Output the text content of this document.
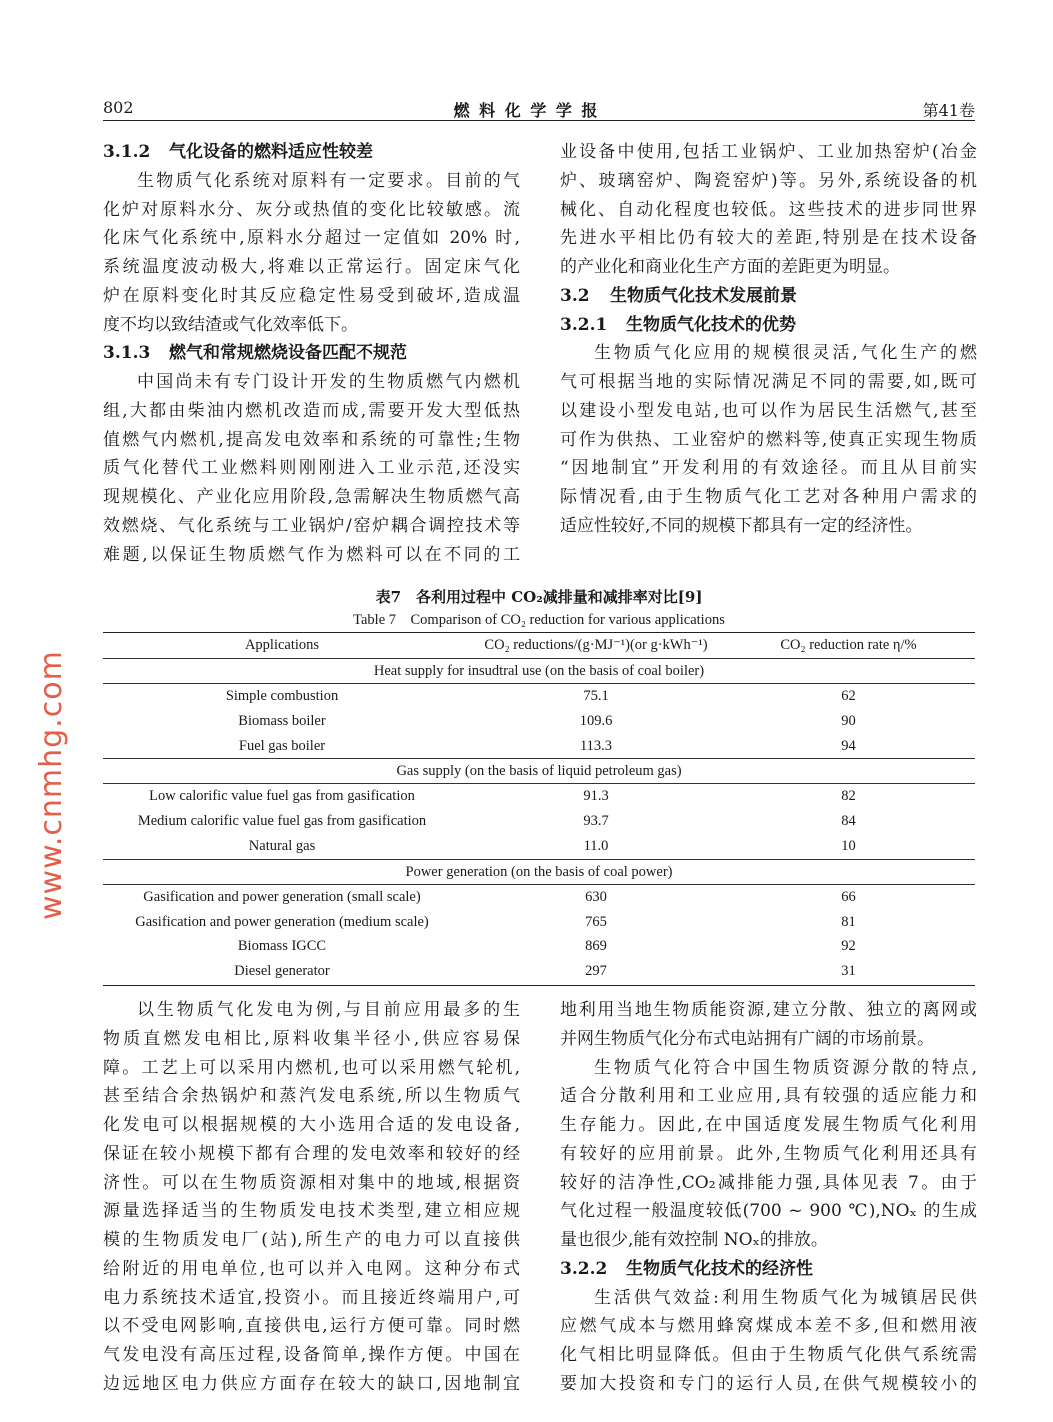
802	燃 料 化 学 学 报	第41卷
3.1.2 气化设备的燃料适应性较差
生物质气化系统对原料有一定要求。目前的气
化炉对原料水分、灰分或热值的变化比较敏感。流
化床气化系统中,原料水分超过一定值如 20% 时,
系统温度波动极大,将难以正常运行。固定床气化
炉在原料变化时其反应稳定性易受到破坏,造成温
度不均以致结渣或气化效率低下。
3.1.3 燃气和常规燃烧设备匹配不规范
中国尚未有专门设计开发的生物质燃气内燃机
组,大都由柴油内燃机改造而成,需要开发大型低热
值燃气内燃机,提高发电效率和系统的可靠性;生物
质气化替代工业燃料则刚刚进入工业示范,还没实
现规模化、产业化应用阶段,急需解决生物质燃气高
效燃烧、气化系统与工业锅炉/窑炉耦合调控技术等
难题,以保证生物质燃气作为燃料可以在不同的工
业设备中使用,包括工业锅炉、工业加热窑炉(冶金
炉、玻璃窑炉、陶瓷窑炉)等。另外,系统设备的机
械化、自动化程度也较低。这些技术的进步同世界
先进水平相比仍有较大的差距,特别是在技术设备
的产业化和商业化生产方面的差距更为明显。
3.2 生物质气化技术发展前景
3.2.1 生物质气化技术的优势
生物质气化应用的规模很灵活,气化生产的燃
气可根据当地的实际情况满足不同的需要,如,既可
以建设小型发电站,也可以作为居民生活燃气,甚至
可作为供热、工业窑炉的燃料等,使真正实现生物质
“因地制宜”开发利用的有效途径。而且从目前实
际情况看,由于生物质气化工艺对各种用户需求的
适应性较好,不同的规模下都具有一定的经济性。
表7　各利用过程中 CO₂减排量和减排率对比[9]
Table 7　Comparison of CO₂ reduction for various applications
Applications	CO₂ reductions/(g·MJ⁻¹)(or g·kWh⁻¹)	CO₂ reduction rate η/%
Heat supply for insudtral use (on the basis of coal boiler)
Simple combustion	75.1	62
Biomass boiler	109.6	90
Fuel gas boiler	113.3	94
Gas supply (on the basis of liquid petroleum gas)
Low calorific value fuel gas from gasification	91.3	82
Medium calorific value fuel gas from gasification	93.7	84
Natural gas	11.0	10
Power generation (on the basis of coal power)
Gasification and power generation (small scale)	630	66
Gasification and power generation (medium scale)	765	81
Biomass IGCC	869	92
Diesel generator	297	31
以生物质气化发电为例,与目前应用最多的生
物质直燃发电相比,原料收集半径小,供应容易保
障。工艺上可以采用内燃机,也可以采用燃气轮机,
甚至结合余热锅炉和蒸汽发电系统,所以生物质气
化发电可以根据规模的大小选用合适的发电设备,
保证在较小规模下都有合理的发电效率和较好的经
济性。可以在生物质资源相对集中的地域,根据资
源量选择适当的生物质发电技术类型,建立相应规
模的生物质发电厂(站),所生产的电力可以直接供
给附近的用电单位,也可以并入电网。这种分布式
电力系统技术适宜,投资小。而且接近终端用户,可
以不受电网影响,直接供电,运行方便可靠。同时燃
气发电没有高压过程,设备简单,操作方便。中国在
边远地区电力供应方面存在较大的缺口,因地制宜
地利用当地生物质能资源,建立分散、独立的离网或
并网生物质气化分布式电站拥有广阔的市场前景。
生物质气化符合中国生物质资源分散的特点,
适合分散利用和工业应用,具有较强的适应能力和
生存能力。因此,在中国适度发展生物质气化利用
有较好的应用前景。此外,生物质气化利用还具有
较好的洁净性,CO₂减排能力强,具体见表 7。由于
气化过程一般温度较低(700 ~ 900 ℃),NOₓ 的生成
量也很少,能有效控制 NOₓ的排放。
3.2.2 生物质气化技术的经济性
生活供气效益:利用生物质气化为城镇居民供
应燃气成本与燃用蜂窝煤成本差不多,但和燃用液
化气相比明显降低。但由于生物质气化供气系统需
要加大投资和专门的运行人员,在供气规模较小的
www.cnmhg.com
